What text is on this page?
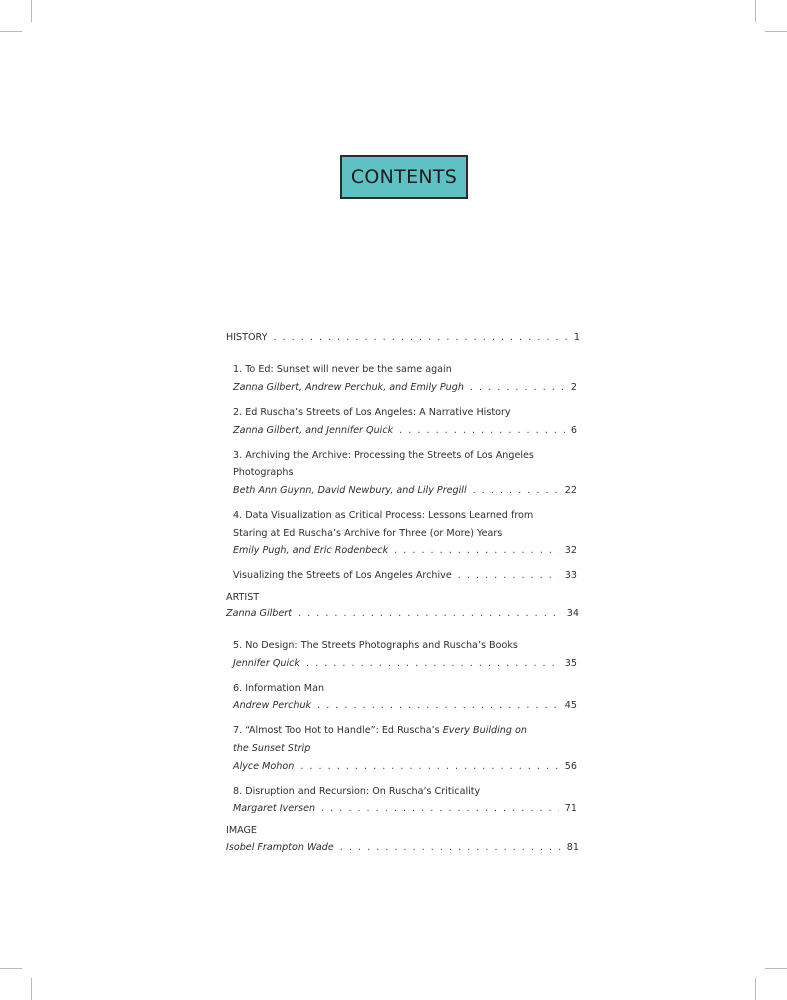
CONTENTS
HISTORY . . .	1
1. To Ed: Sunset will never be the same again
Zanna Gilbert, Andrew Perchuk, and Emily Pugh . . .	2
2. Ed Ruscha’s Streets of Los Angeles: A Narrative History
Zanna Gilbert, and Jennifer Quick . . .	6
3. Archiving the Archive: Processing the Streets of Los Angeles
Photographs
Beth Ann Guynn, David Newbury, and Lily Pregill . . .	22
4. Data Visualization as Critical Process: Lessons Learned from
Staring at Ed Ruscha’s Archive for Three (or More) Years
Emily Pugh, and Eric Rodenbeck . . .	32
Visualizing the Streets of Los Angeles Archive . . .	33
ARTIST
Zanna Gilbert . . .	34
5. No Design: The Streets Photographs and Ruscha’s Books
Jennifer Quick . . .	35
6. Information Man
Andrew Perchuk . . .	45
7. “Almost Too Hot to Handle”: Ed Ruscha’s Every Building on
the Sunset Strip
Alyce Mohon . . .	56
8. Disruption and Recursion: On Ruscha’s Criticality
Margaret Iversen . . .	71
IMAGE
Isobel Frampton Wade . . .	81
